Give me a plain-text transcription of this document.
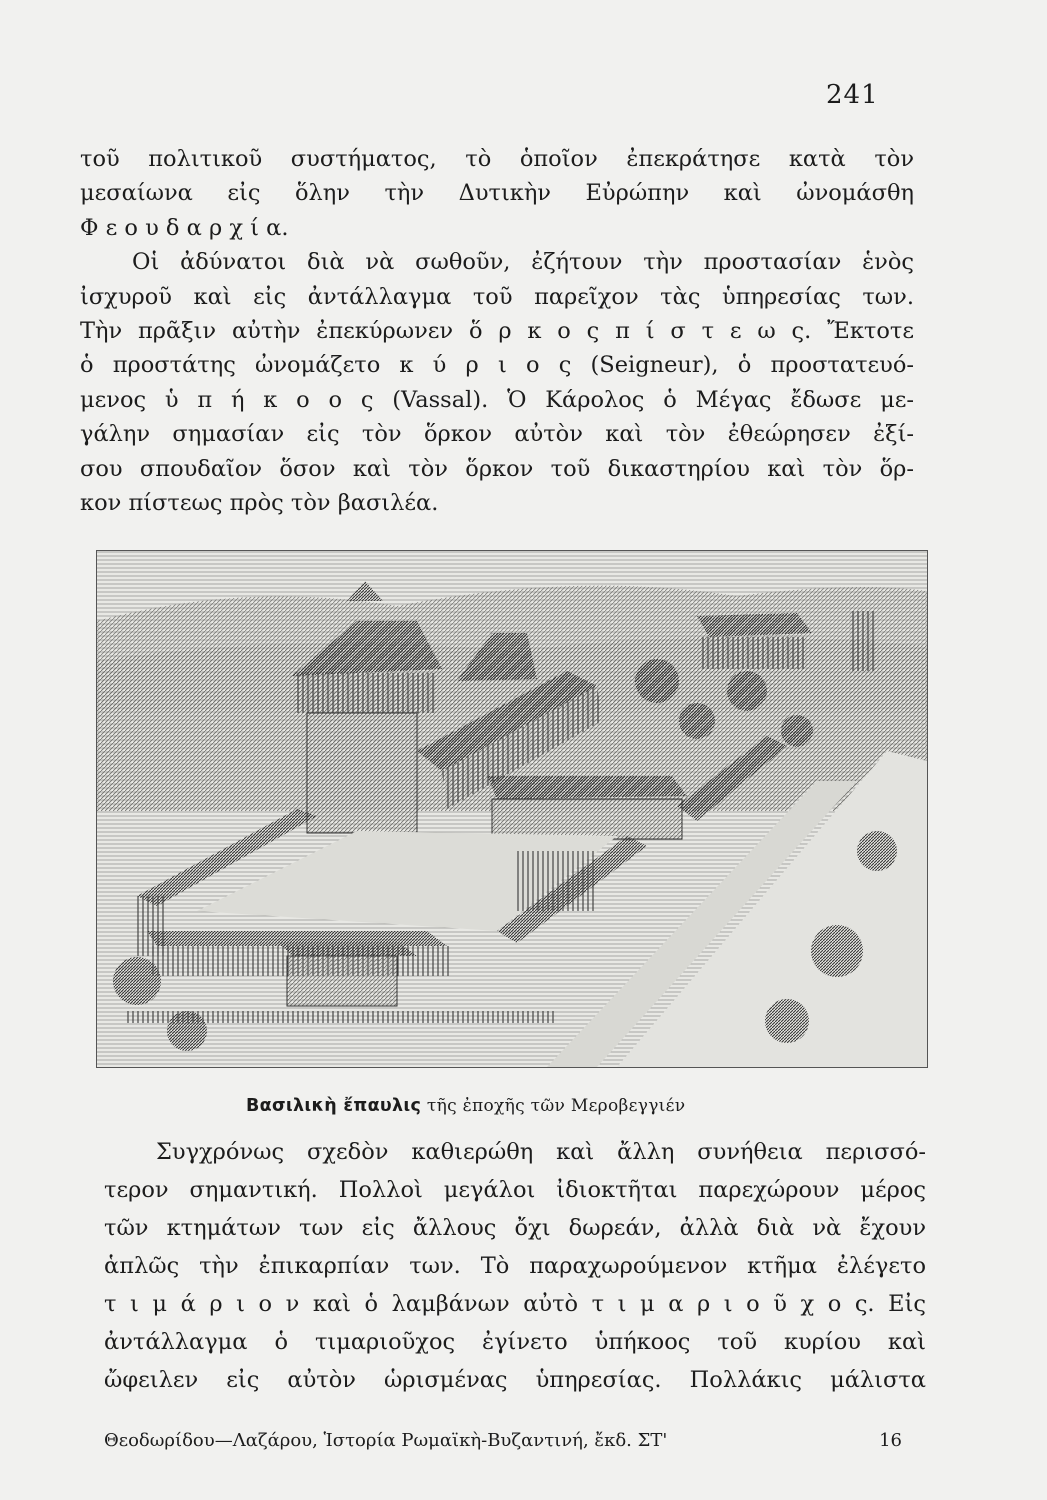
241
τοῦ πολιτικοῦ συστήματος, τὸ ὁποῖον ἐπεκράτησε κατὰ τὸν
μεσαίωνα εἰς ὅλην τὴν Δυτικὴν Εὐρώπην καὶ ὠνομάσθη
Φ ε ο υ δ α ρ χ ί α.
Οἱ ἀδύνατοι διὰ νὰ σωθοῦν, ἐζήτουν τὴν προστασίαν ἑνὸς
ἰσχυροῦ καὶ εἰς ἀντάλλαγμα τοῦ παρεῖχον τὰς ὑπηρεσίας των.
Τὴν πρᾶξιν αὐτὴν ἐπεκύρωνεν ὅ ρ κ ο ς π ί σ τ ε ω ς. Ἔκτοτε
ὁ προστάτης ὠνομάζετο κ ύ ρ ι ο ς (Seigneur), ὁ προστατευό-
μενος ὑ π ή κ ο ο ς (Vassal). Ὁ Κάρολος ὁ Μέγας ἔδωσε με-
γάλην σημασίαν εἰς τὸν ὅρκον αὐτὸν καὶ τὸν ἐθεώρησεν ἐξί-
σου σπουδαῖον ὅσον καὶ τὸν ὅρκον τοῦ δικαστηρίου καὶ τὸν ὅρ-
κον πίστεως πρὸς τὸν βασιλέα.
Βασιλικὴ ἔπαυλις τῆς ἐποχῆς τῶν Μεροβεγγιέν
Συγχρόνως σχεδὸν καθιερώθη καὶ ἄλλη συνήθεια περισσό-
τερον σημαντική. Πολλοὶ μεγάλοι ἰδιοκτῆται παρεχώρουν μέρος
τῶν κτημάτων των εἰς ἄλλους ὄχι δωρεάν, ἀλλὰ διὰ νὰ ἔχουν
ἁπλῶς τὴν ἐπικαρπίαν των. Τὸ παραχωρούμενον κτῆμα ἐλέγετο
τ ι μ ά ρ ι ο ν καὶ ὁ λαμβάνων αὐτὸ τ ι μ α ρ ι ο ῦ χ ο ς. Εἰς
ἀντάλλαγμα ὁ τιμαριοῦχος ἐγίνετο ὑπήκοος τοῦ κυρίου καὶ
ὤφειλεν εἰς αὐτὸν ὡρισμένας ὑπηρεσίας. Πολλάκις μάλιστα
Θεοδωρίδου—Λαζάρου, Ἱστορία Ρωμαϊκὴ-Βυζαντινή, ἔκδ. ΣΤ'	16
